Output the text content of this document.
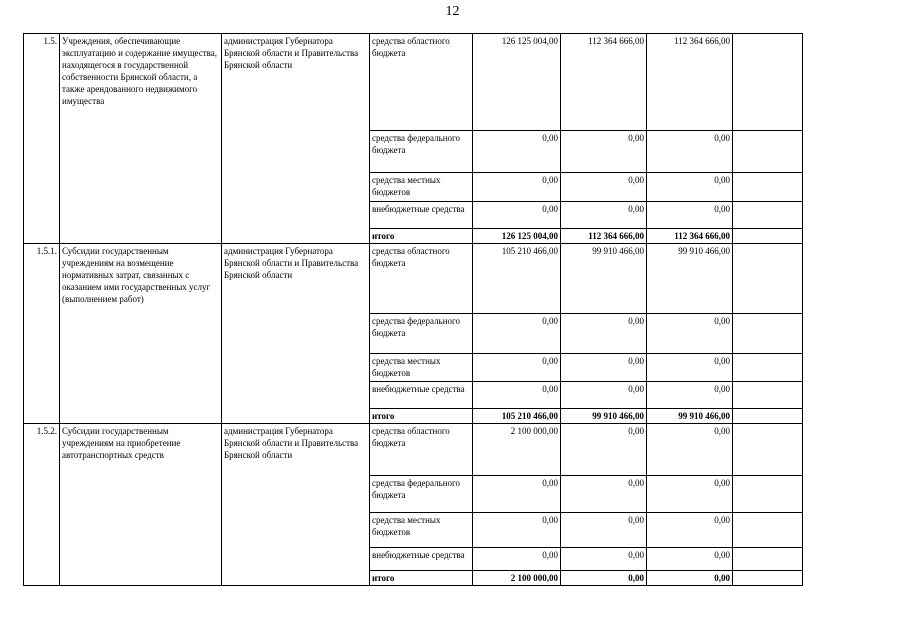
12
1.5.	Учреждения, обеспечивающие эксплуатацию и содержание имущества, находящегося в государственной собственности Брянской области, а также арендованного недвижимого имущества	администрация Губернатора Брянской области и Правительства Брянской области	средства областного бюджета	126 125 004,00	112 364 666,00	112 364 666,00	
			средства федерального бюджета	0,00	0,00	0,00	
			средства местных бюджетов	0,00	0,00	0,00	
			внебюджетные средства	0,00	0,00	0,00	
			итого	126 125 004,00	112 364 666,00	112 364 666,00	
1.5.1.	Субсидии государственным учреждениям на возмещение нормативных затрат, связанных с оказанием ими государственных услуг (выполнением работ)	администрация Губернатора Брянской области и Правительства Брянской области	средства областного бюджета	105 210 466,00	99 910 466,00	99 910 466,00	
			средства федерального бюджета	0,00	0,00	0,00	
			средства местных бюджетов	0,00	0,00	0,00	
			внебюджетные средства	0,00	0,00	0,00	
			итого	105 210 466,00	99 910 466,00	99 910 466,00	
1.5.2.	Субсидии государственным учреждениям на приобретение автотранспортных средств	администрация Губернатора Брянской области и Правительства Брянской области	средства областного бюджета	2 100 000,00	0,00	0,00	
			средства федерального бюджета	0,00	0,00	0,00	
			средства местных бюджетов	0,00	0,00	0,00	
			внебюджетные средства	0,00	0,00	0,00	
			итого	2 100 000,00	0,00	0,00	
